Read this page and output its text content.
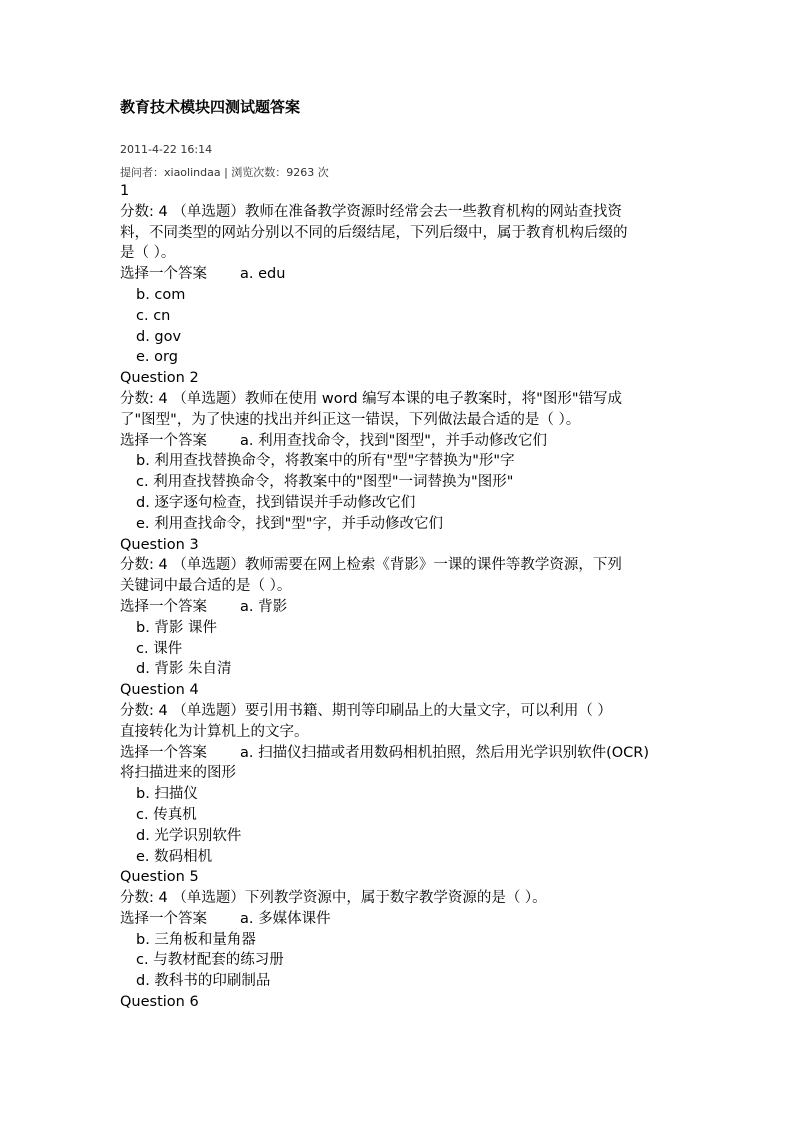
教育技术模块四测试题答案
2011-4-22 16:14
提问者：xiaolindaa | 浏览次数：9263 次
1
分数: 4 （单选题）教师在准备教学资源时经常会去一些教育机构的网站查找资
料，不同类型的网站分别以不同的后缀结尾，下列后缀中，属于教育机构后缀的
是（ ）。
选择一个答案 a. edu
b. com
c. cn
d. gov
e. org
Question 2
分数: 4 （单选题）教师在使用 word 编写本课的电子教案时，将"图形"错写成
了"图型"，为了快速的找出并纠正这一错误，下列做法最合适的是（ ）。
选择一个答案 a. 利用查找命令，找到"图型"，并手动修改它们
b. 利用查找替换命令，将教案中的所有"型"字替换为"形"字
c. 利用查找替换命令，将教案中的"图型"一词替换为"图形"
d. 逐字逐句检查，找到错误并手动修改它们
e. 利用查找命令，找到"型"字，并手动修改它们
Question 3
分数: 4 （单选题）教师需要在网上检索《背影》一课的课件等教学资源，下列
关键词中最合适的是（ ）。
选择一个答案 a. 背影
b. 背影 课件
c. 课件
d. 背影 朱自清
Question 4
分数: 4 （单选题）要引用书籍、期刊等印刷品上的大量文字，可以利用（ ）
直接转化为计算机上的文字。
选择一个答案 a. 扫描仪扫描或者用数码相机拍照，然后用光学识别软件(OCR)
将扫描进来的图形
b. 扫描仪
c. 传真机
d. 光学识别软件
e. 数码相机
Question 5
分数: 4 （单选题）下列教学资源中，属于数字教学资源的是（ ）。
选择一个答案 a. 多媒体课件
b. 三角板和量角器
c. 与教材配套的练习册
d. 教科书的印刷制品
Question 6
